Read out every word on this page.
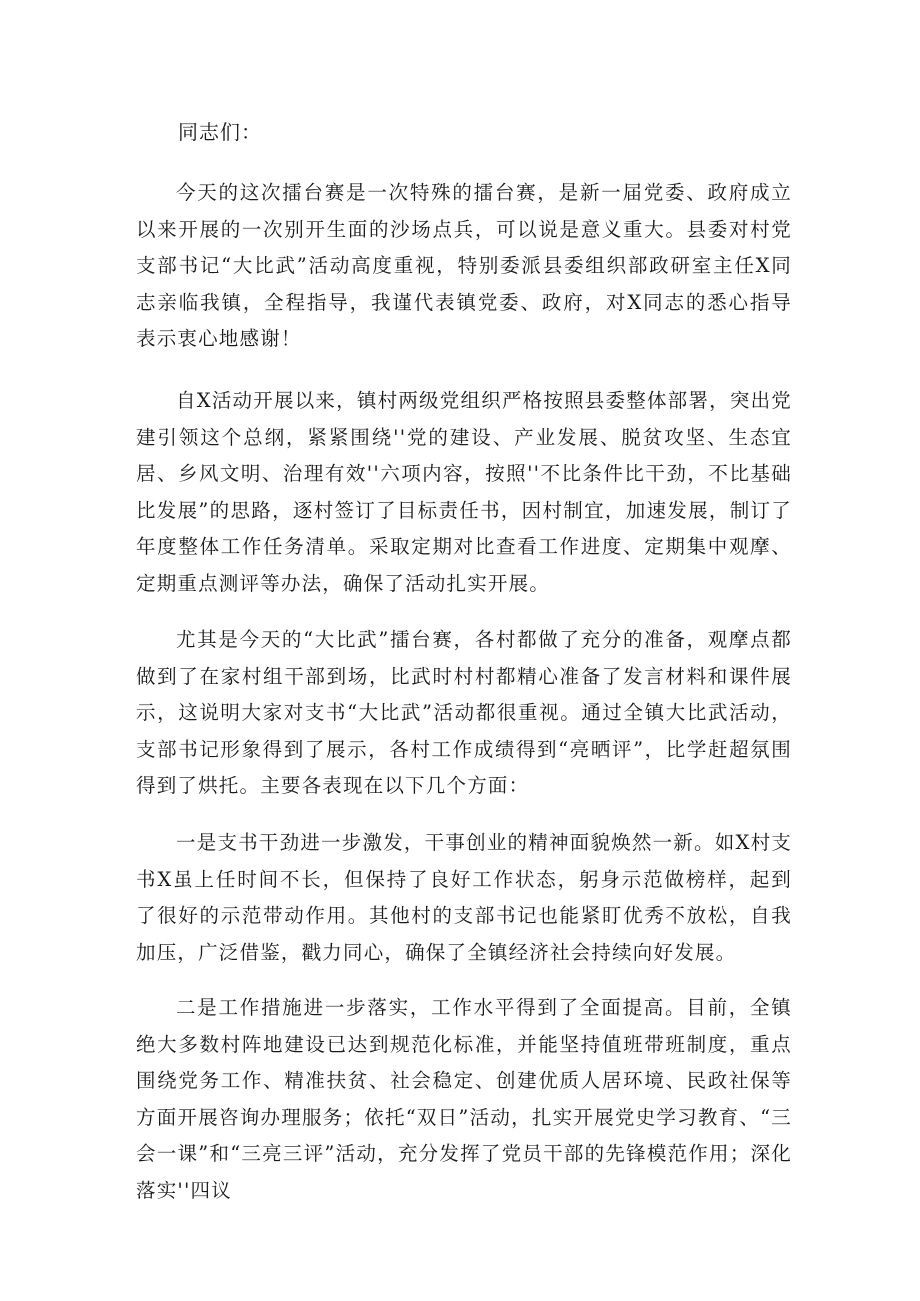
同志们：

今天的这次擂台赛是一次特殊的擂台赛，是新一届党委、政府成立以来开展的一次别开生面的沙场点兵，可以说是意义重大。县委对村党支部书记“大比武”活动高度重视，特别委派县委组织部政研室主任X同志亲临我镇，全程指导，我谨代表镇党委、政府，对X同志的悉心指导表示衷心地感谢！

自X活动开展以来，镇村两级党组织严格按照县委整体部署，突出党建引领这个总纲，紧紧围绕''党的建设、产业发展、脱贫攻坚、生态宜居、乡风文明、治理有效''六项内容，按照''不比条件比干劲，不比基础比发展”的思路，逐村签订了目标责任书，因村制宜，加速发展，制订了年度整体工作任务清单。采取定期对比查看工作进度、定期集中观摩、定期重点测评等办法，确保了活动扎实开展。

尤其是今天的“大比武”擂台赛，各村都做了充分的准备，观摩点都做到了在家村组干部到场，比武时村村都精心准备了发言材料和课件展示，这说明大家对支书“大比武”活动都很重视。通过全镇大比武活动，支部书记形象得到了展示，各村工作成绩得到“亮晒评”，比学赶超氛围得到了烘托。主要各表现在以下几个方面：

一是支书干劲进一步激发，干事创业的精神面貌焕然一新。如X村支书X虽上任时间不长，但保持了良好工作状态，躬身示范做榜样，起到了很好的示范带动作用。其他村的支部书记也能紧盯优秀不放松，自我加压，广泛借鉴，戳力同心，确保了全镇经济社会持续向好发展。

二是工作措施进一步落实，工作水平得到了全面提高。目前，全镇绝大多数村阵地建设已达到规范化标准，并能坚持值班带班制度，重点围绕党务工作、精准扶贫、社会稳定、创建优质人居环境、民政社保等方面开展咨询办理服务；依托“双日”活动，扎实开展党史学习教育、“三会一课”和“三亮三评”活动，充分发挥了党员干部的先锋模范作用；深化落实''四议
